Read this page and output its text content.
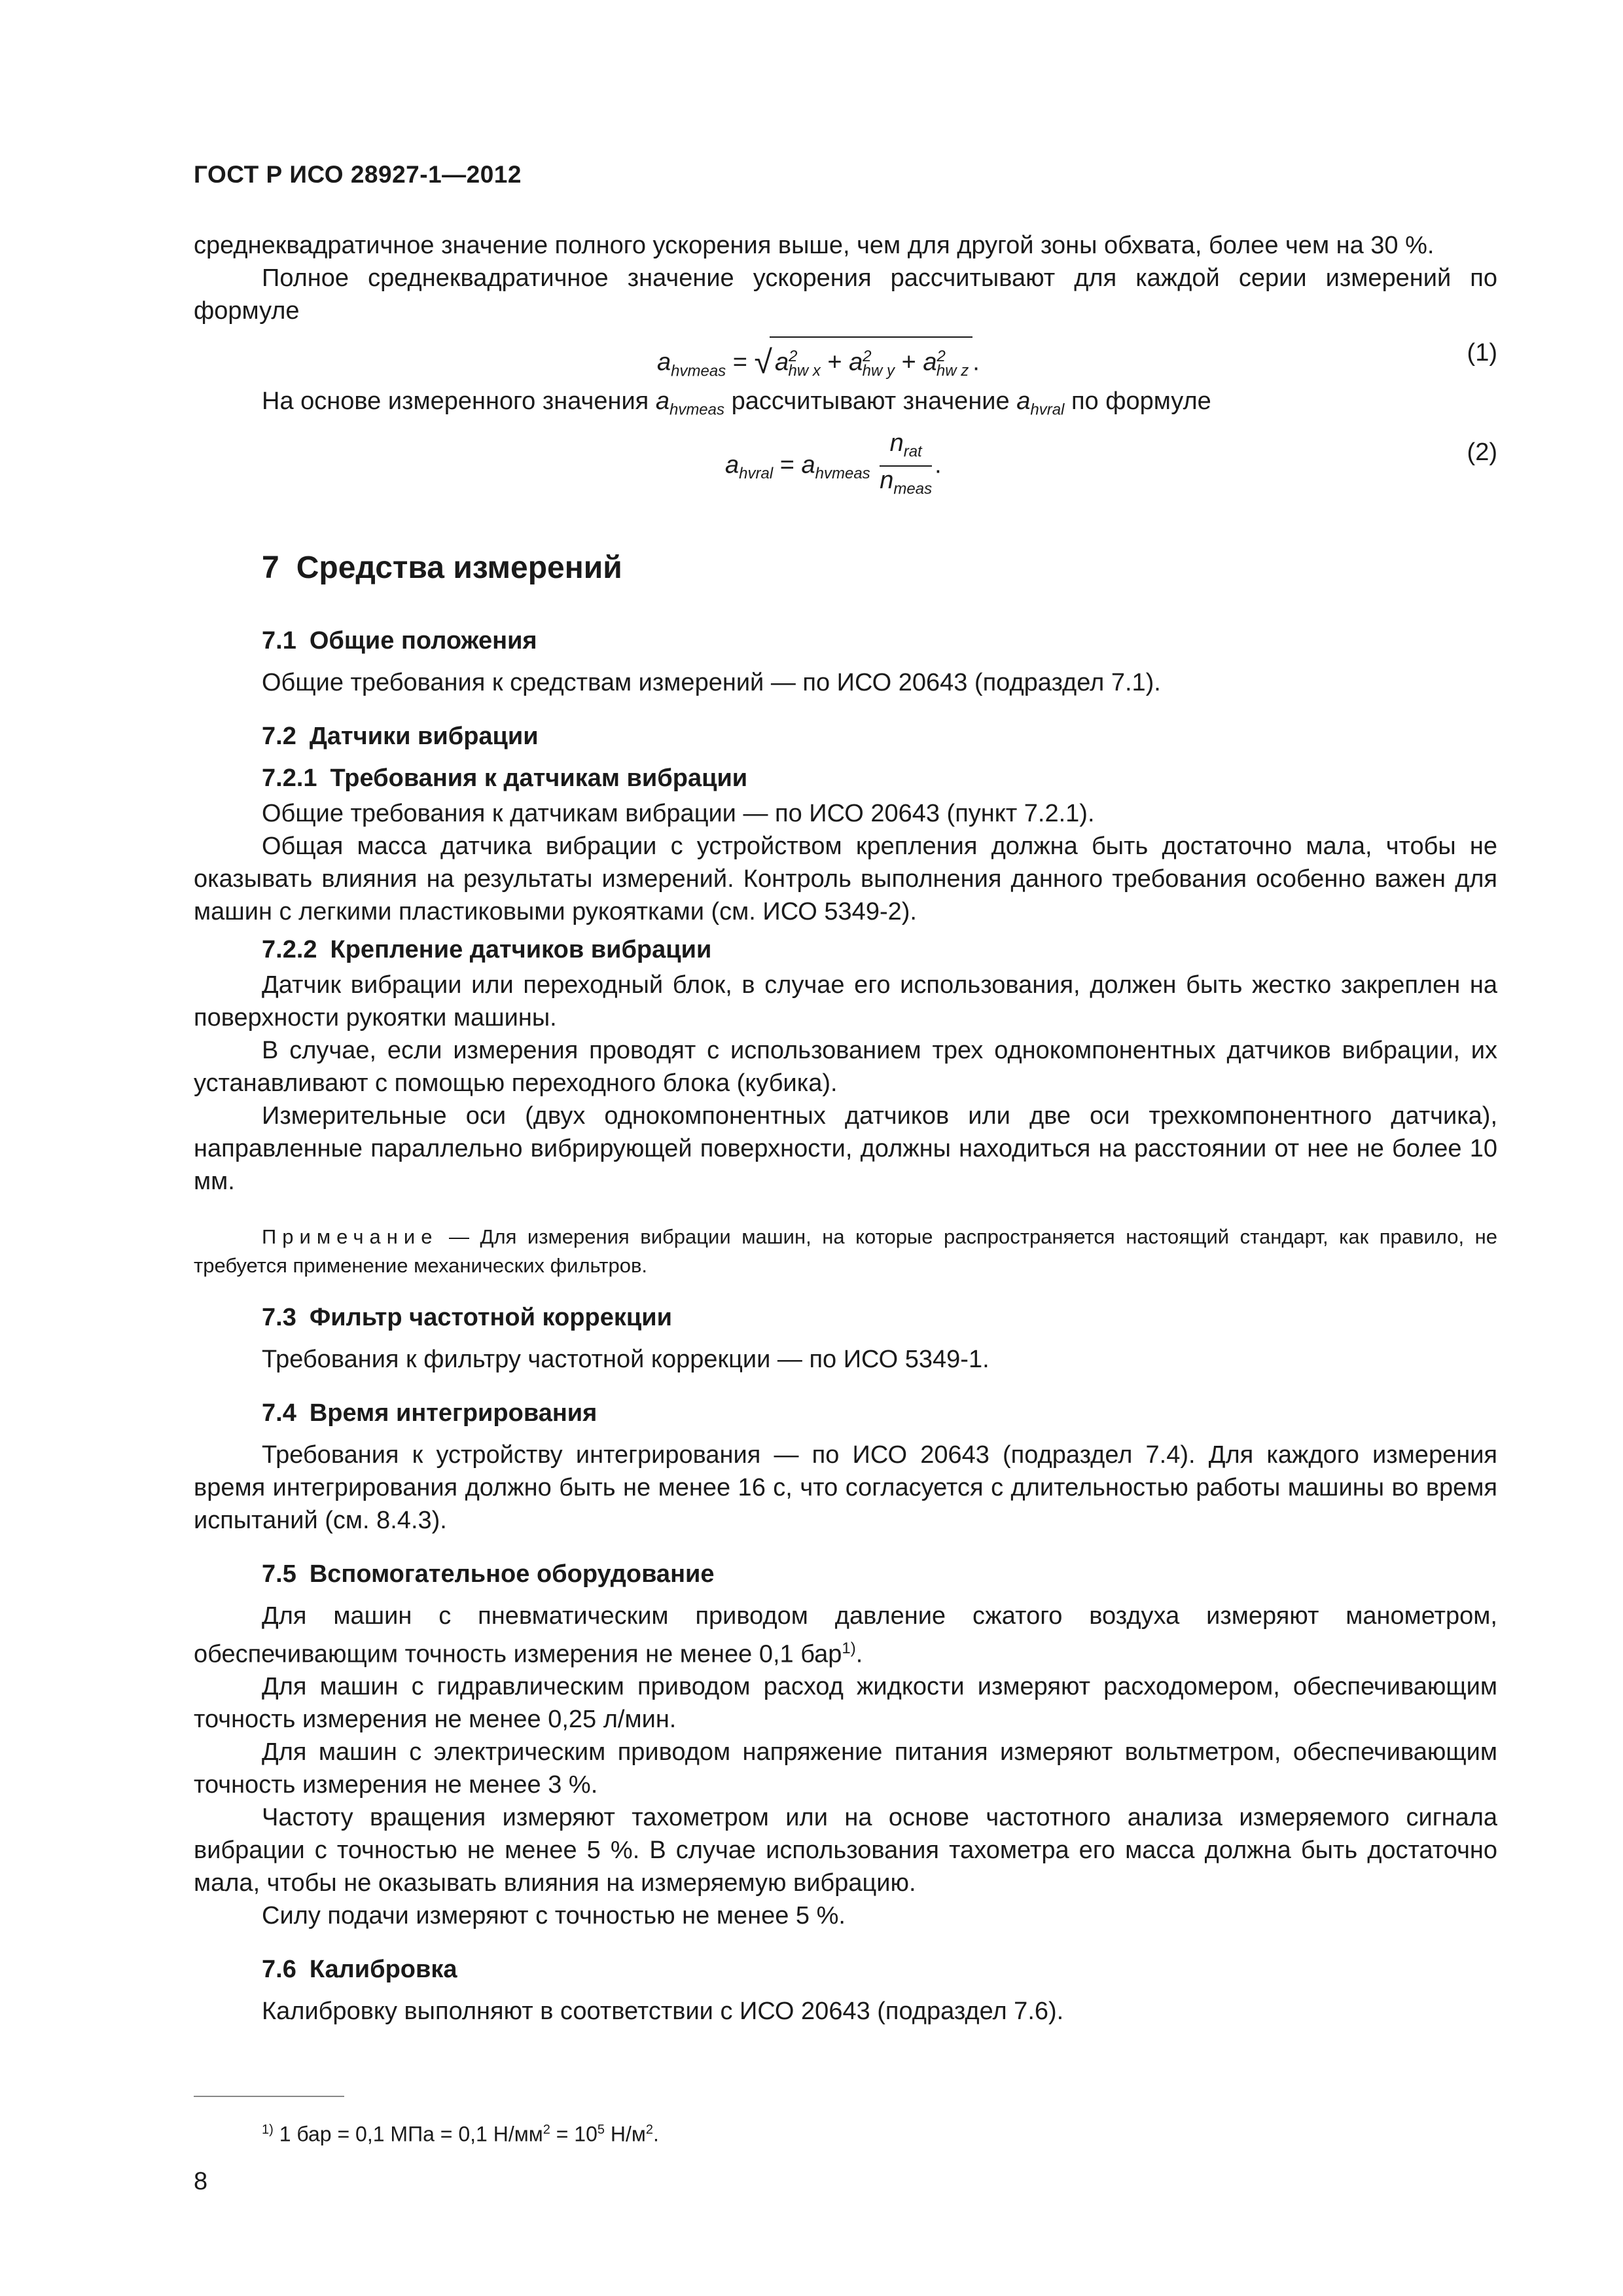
ГОСТ Р ИСО 28927-1—2012

среднеквадратичное значение полного ускорения выше, чем для другой зоны обхвата, более чем на 30 %.

Полное среднеквадратичное значение ускорения рассчитывают для каждой серии измерений по формуле

$a_{hvmeas}$ = √ $a^2_{hw x} + a^2_{hw y} + a^2_{hw z}$ .	(1)

На основе измеренного значения $a_{hvmeas}$ рассчитывают значение $a_{hvral}$ по формуле

$a_{hvral} = a_{hvmeas} \frac{n_{rat}}{n_{meas}}$ .	(2)
7 Средства измерений
7.1 Общие положения

Общие требования к средствам измерений — по ИСО 20643 (подраздел 7.1).

7.2 Датчики вибрации
7.2.1 Требования к датчикам вибрации

Общие требования к датчикам вибрации — по ИСО 20643 (пункт 7.2.1).

Общая масса датчика вибрации с устройством крепления должна быть достаточно мала, чтобы не оказывать влияния на результаты измерений. Контроль выполнения данного требования особенно важен для машин с легкими пластиковыми рукоятками (см. ИСО 5349-2).

7.2.2 Крепление датчиков вибрации

Датчик вибрации или переходный блок, в случае его использования, должен быть жестко закреплен на поверхности рукоятки машины.

В случае, если измерения проводят с использованием трех однокомпонентных датчиков вибрации, их устанавливают с помощью переходного блока (кубика).

Измерительные оси (двух однокомпонентных датчиков или две оси трехкомпонентного датчика), направленные параллельно вибрирующей поверхности, должны находиться на расстоянии от нее не более 10 мм.

Примечание — Для измерения вибрации машин, на которые распространяется настоящий стандарт, как правило, не требуется применение механических фильтров.
7.3 Фильтр частотной коррекции

Требования к фильтру частотной коррекции — по ИСО 5349-1.

7.4 Время интегрирования

Требования к устройству интегрирования — по ИСО 20643 (подраздел 7.4). Для каждого измерения время интегрирования должно быть не менее 16 с, что согласуется с длительностью работы машины во время испытаний (см. 8.4.3).

7.5 Вспомогательное оборудование

Для машин с пневматическим приводом давление сжатого воздуха измеряют манометром, обеспечивающим точность измерения не менее 0,1 бар$^{1)}$.

Для машин с гидравлическим приводом расход жидкости измеряют расходомером, обеспечивающим точность измерения не менее 0,25 л/мин.

Для машин с электрическим приводом напряжение питания измеряют вольтметром, обеспечивающим точность измерения не менее 3 %.

Частоту вращения измеряют тахометром или на основе частотного анализа измеряемого сигнала вибрации с точностью не менее 5 %. В случае использования тахометра его масса должна быть достаточно мала, чтобы не оказывать влияния на измеряемую вибрацию.

Силу подачи измеряют с точностью не менее 5 %.

7.6 Калибровка

Калибровку выполняют в соответствии с ИСО 20643 (подраздел 7.6).

$^{1)}$ 1 бар = 0,1 МПа = 0,1 $Н/мм^2 = 10^5$ $Н/м^2$.
8
